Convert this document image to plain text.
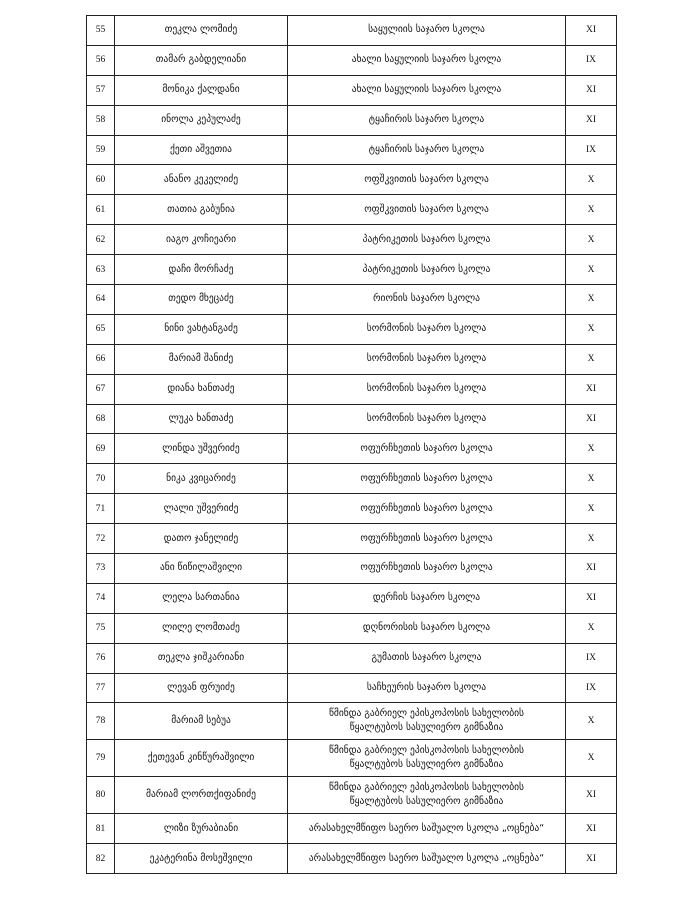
55	თეკლა ლომიძე	საყულიის საჯარო სკოლა	XI
56	თამარ გაბდელიანი	ახალი საყულიის საჯარო სკოლა	IX
57	მონიკა ქალდანი	ახალი საყულიის საჯარო სკოლა	XI
58	ინოლა კეპულაძე	ტყაჩირის საჯარო სკოლა	XI
59	ქეთი აშვეთია	ტყაჩირის საჯარო სკოლა	IX
60	ანანო კეკელიძე	ოფშკვითის საჯარო სკოლა	X
61	თათია გაბუნია	ოფშკვითის საჯარო სკოლა	X
62	იაგო კოჩიეარი	პატრიკეთის საჯარო სკოლა	X
63	დაჩი მორჩაძე	პატრიკეთის საჯარო სკოლა	X
64	თედო მხეცაძე	რიონის საჯარო სკოლა	X
65	ნინი ვახტანგაძე	სორმონის საჯარო სკოლა	X
66	მარიამ შანიძე	სორმონის საჯარო სკოლა	X
67	დიანა ხანთაძე	სორმონის საჯარო სკოლა	XI
68	ლუკა ხანთაძე	სორმონის საჯარო სკოლა	XI
69	ლინდა უშვერიძე	ოფურჩხეთის საჯარო სკოლა	X
70	ნიკა კვიცარიძე	ოფურჩხეთის საჯარო სკოლა	X
71	ლალი უშვერიძე	ოფურჩხეთის საჯარო სკოლა	X
72	დათო ჯანელიძე	ოფურჩხეთის საჯარო სკოლა	X
73	ანი წიწილაშვილი	ოფურჩხეთის საჯარო სკოლა	XI
74	ლელა სართანია	დერჩის საჯარო სკოლა	XI
75	ლილე ლომთაძე	დღნორისის საჯარო სკოლა	X
76	თეკლა ჯიშკარიანი	გუმათის საჯარო სკოლა	IX
77	ლევან ფრუიძე	საჩხეურის საჯარო სკოლა	IX
78	მარიამ სებუა	წმინდა გაბრიელ ეპისკოპოსის სახელობის
წყალტუბოს სასულიერო გიმნაზია	X
79	ქეთევან კინწურაშვილი	წმინდა გაბრიელ ეპისკოპოსის სახელობის
წყალტუბოს სასულიერო გიმნაზია	X
80	მარიამ ლორთქიფანიძე	წმინდა გაბრიელ ეპისკოპოსის სახელობის
წყალტუბოს სასულიერო გიმნაზია	XI
81	ლიზი ზურაბიანი	არასახელმწიფო საერო საშუალო სკოლა „ოცნება“	XI
82	ეკატერინა მოსეშვილი	არასახელმწიფო საერო საშუალო სკოლა „ოცნება“	XI
